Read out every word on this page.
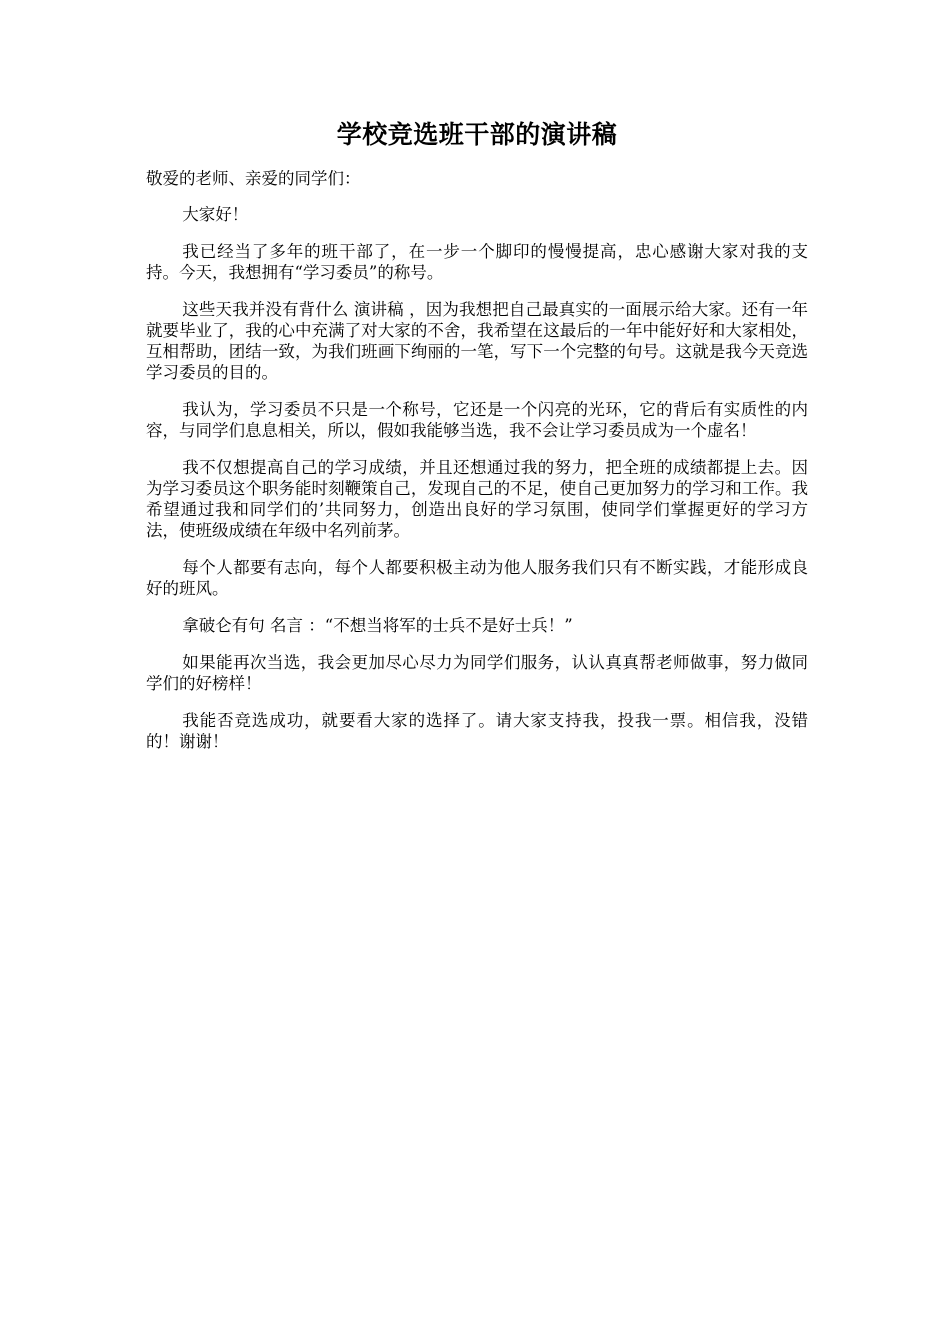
学校竞选班干部的演讲稿

敬爱的老师、亲爱的同学们：

大家好！

我已经当了多年的班干部了，在一步一个脚印的慢慢提高，忠心感谢大家对我的支持。今天，我想拥有“学习委员”的称号。

这些天我并没有背什么 演讲稿 ，因为我想把自己最真实的一面展示给大家。还有一年就要毕业了，我的心中充满了对大家的不舍，我希望在这最后的一年中能好好和大家相处，互相帮助，团结一致，为我们班画下绚丽的一笔，写下一个完整的句号。这就是我今天竞选学习委员的目的。

我认为，学习委员不只是一个称号，它还是一个闪亮的光环，它的背后有实质性的内容，与同学们息息相关，所以，假如我能够当选，我不会让学习委员成为一个虚名！

我不仅想提高自己的学习成绩，并且还想通过我的努力，把全班的成绩都提上去。因为学习委员这个职务能时刻鞭策自己，发现自己的不足，使自己更加努力的学习和工作。我希望通过我和同学们的’共同努力，创造出良好的学习氛围，使同学们掌握更好的学习方法，使班级成绩在年级中名列前茅。

每个人都要有志向，每个人都要积极主动为他人服务我们只有不断实践，才能形成良好的班风。

拿破仑有句 名言 ：“不想当将军的士兵不是好士兵！”

如果能再次当选，我会更加尽心尽力为同学们服务，认认真真帮老师做事，努力做同学们的好榜样！

我能否竞选成功，就要看大家的选择了。请大家支持我，投我一票。相信我，没错的！谢谢！
